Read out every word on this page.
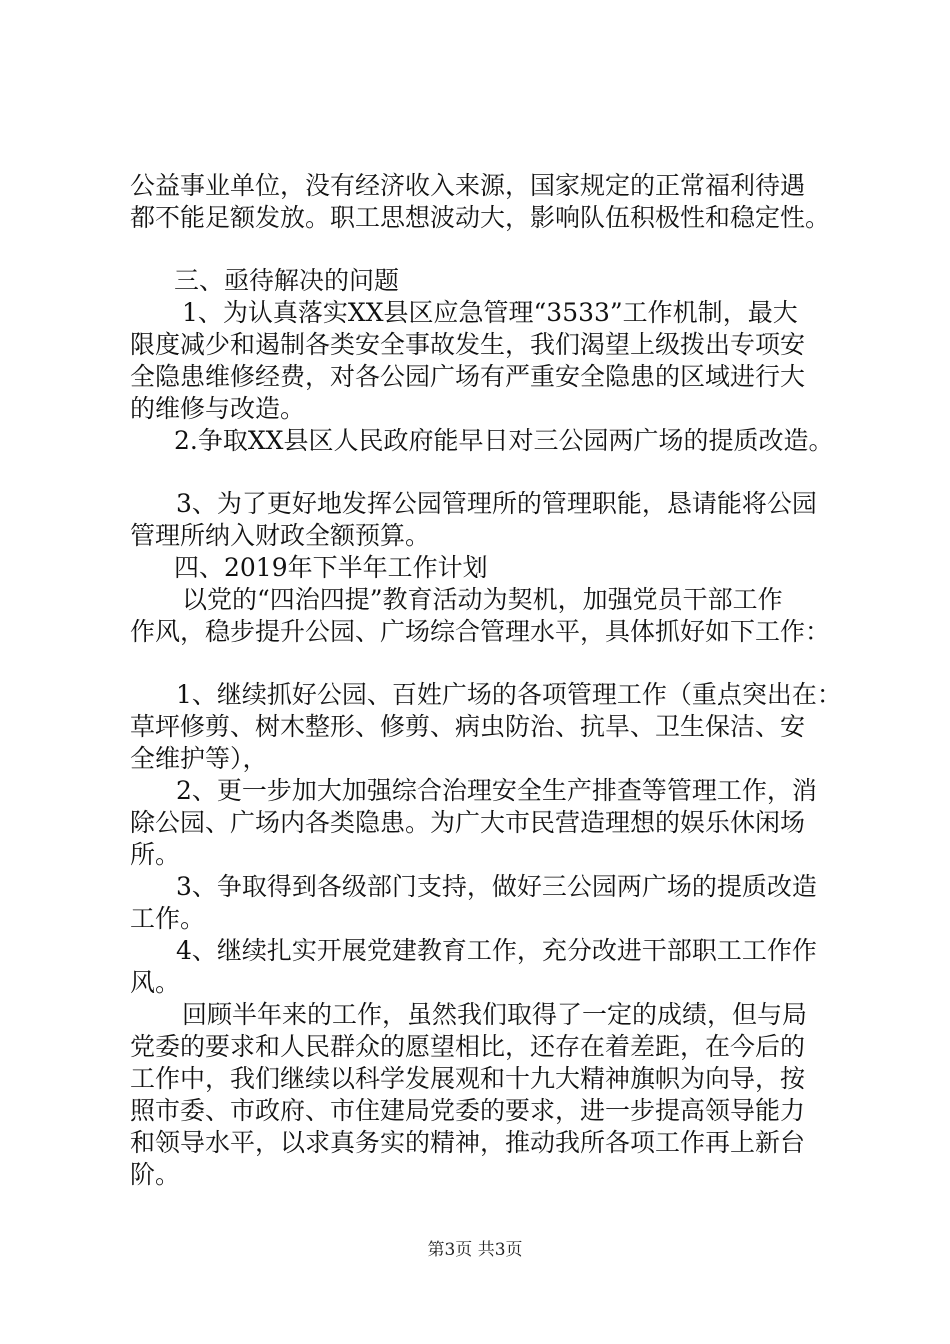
公益事业单位，没有经济收入来源，国家规定的正常福利待遇
都不能足额发放。职工思想波动大，影响队伍积极性和稳定性。

三、亟待解决的问题

1、为认真落实XX县区应急管理“3533”工作机制，最大
限度减少和遏制各类安全事故发生，我们渴望上级拨出专项安
全隐患维修经费，对各公园广场有严重安全隐患的区域进行大
的维修与改造。

2.争取XX县区人民政府能早日对三公园两广场的提质改造。

3、为了更好地发挥公园管理所的管理职能，恳请能将公园
管理所纳入财政全额预算。

四、2019年下半年工作计划

以党的“四治四提”教育活动为契机，加强党员干部工作
作风，稳步提升公园、广场综合管理水平，具体抓好如下工作：

1、继续抓好公园、百姓广场的各项管理工作（重点突出在：
草坪修剪、树木整形、修剪、病虫防治、抗旱、卫生保洁、安
全维护等），

2、更一步加大加强综合治理安全生产排查等管理工作，消
除公园、广场内各类隐患。为广大市民营造理想的娱乐休闲场
所。

3、争取得到各级部门支持，做好三公园两广场的提质改造
工作。

4、继续扎实开展党建教育工作，充分改进干部职工工作作
风。

回顾半年来的工作，虽然我们取得了一定的成绩，但与局
党委的要求和人民群众的愿望相比，还存在着差距，在今后的
工作中，我们继续以科学发展观和十九大精神旗帜为向导，按
照市委、市政府、市住建局党委的要求，进一步提高领导能力
和领导水平，以求真务实的精神，推动我所各项工作再上新台
阶。

第3页 共3页
